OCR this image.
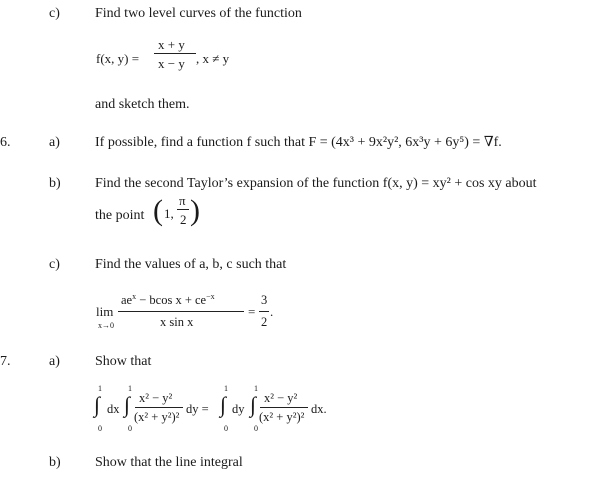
c)	Find two level curves of the function
f(x, y) =
x + y
x − y , x ≠ y
and sketch them.
6.	a)	If possible, find a function f such that F = (4x³ + 9x²y², 6x³y + 6y⁵) = ∇f.
b) Find the second Taylor’s expansion of the function f(x, y) = xy² + cos xy about
the point ( 1,
π
2 )
c)	Find the values of a, b, c such that
lim
x→0
$ae^x - bcos$ $x + ce^{-x}$
x sin x
=
3
2
.
7.	a)	Show that
1
∫
0
dx
1
∫
0
x² − y²
(x² + y²)²
dy =
1
∫
0
dy
1
∫
0
x² − y²
(x² + y²)²
dx.
b) Show that the line integral
